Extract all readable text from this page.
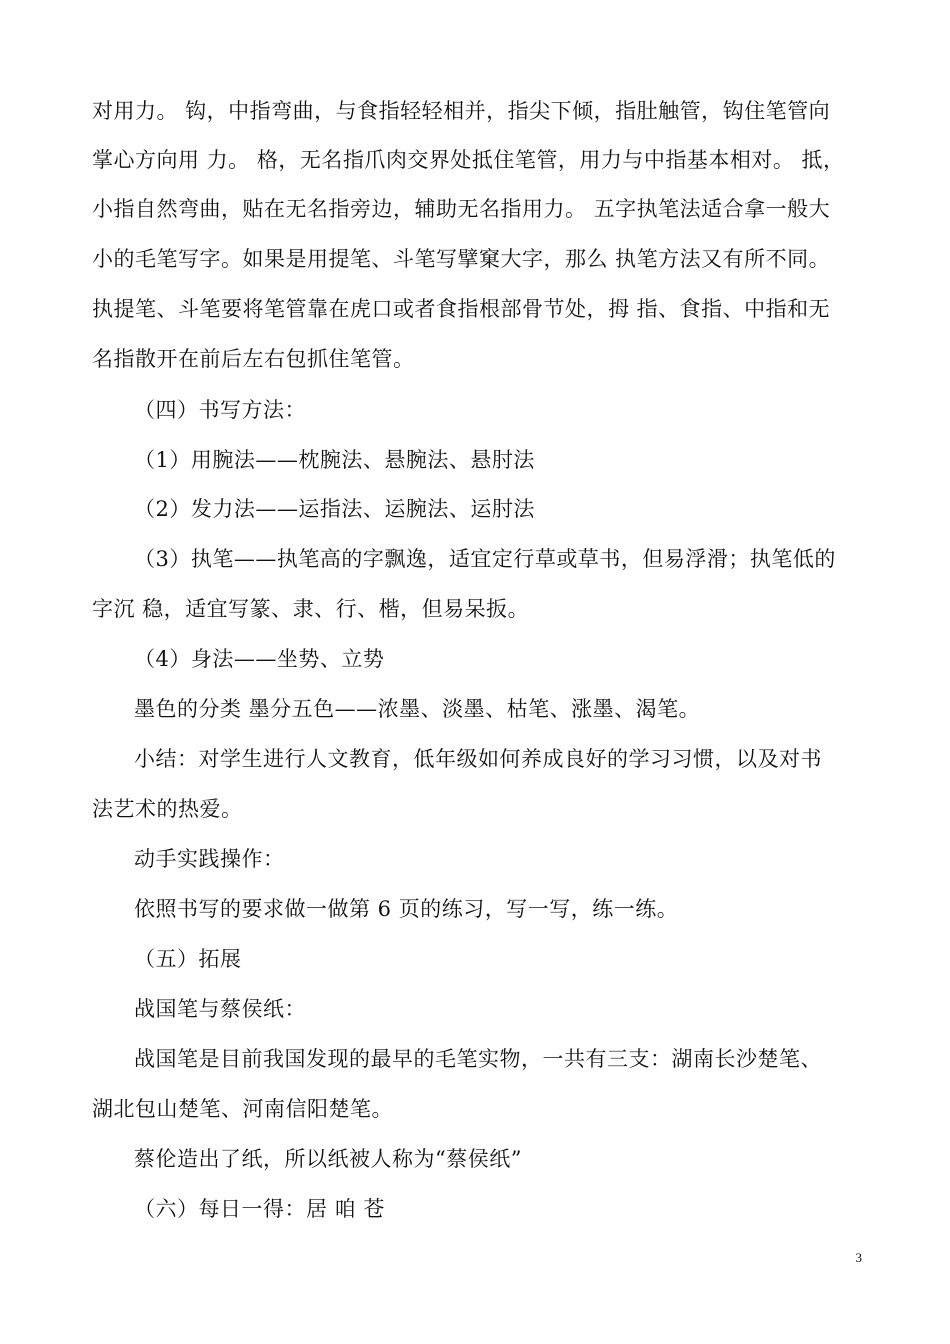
对用力。 钩，中指弯曲，与食指轻轻相并，指尖下倾，指肚触管，钩住笔管向
掌心方向用 力。 格，无名指爪肉交界处抵住笔管，用力与中指基本相对。 抵，
小指自然弯曲，贴在无名指旁边，辅助无名指用力。 五字执笔法适合拿一般大
小的毛笔写字。如果是用提笔、斗笔写擘窠大字，那么 执笔方法又有所不同。
执提笔、斗笔要将笔管靠在虎口或者食指根部骨节处，拇 指、食指、中指和无
名指散开在前后左右包抓住笔管。
（四）书写方法：
（1）用腕法——枕腕法、悬腕法、悬肘法
（2）发力法——运指法、运腕法、运肘法
（3）执笔——执笔高的字飘逸，适宜定行草或草书，但易浮滑；执笔低的
字沉 稳，适宜写篆、隶、行、楷，但易呆扳。
（4）身法——坐势、立势
墨色的分类 墨分五色——浓墨、淡墨、枯笔、涨墨、渴笔。
小结：对学生进行人文教育，低年级如何养成良好的学习习惯，以及对书
法艺术的热爱。
动手实践操作：
依照书写的要求做一做第 6 页的练习，写一写，练一练。
（五）拓展
战国笔与蔡侯纸：
战国笔是目前我国发现的最早的毛笔实物，一共有三支：湖南长沙楚笔、
湖北包山楚笔、河南信阳楚笔。
蔡伦造出了纸，所以纸被人称为“蔡侯纸”
（六）每日一得：居 咱 苍
3
